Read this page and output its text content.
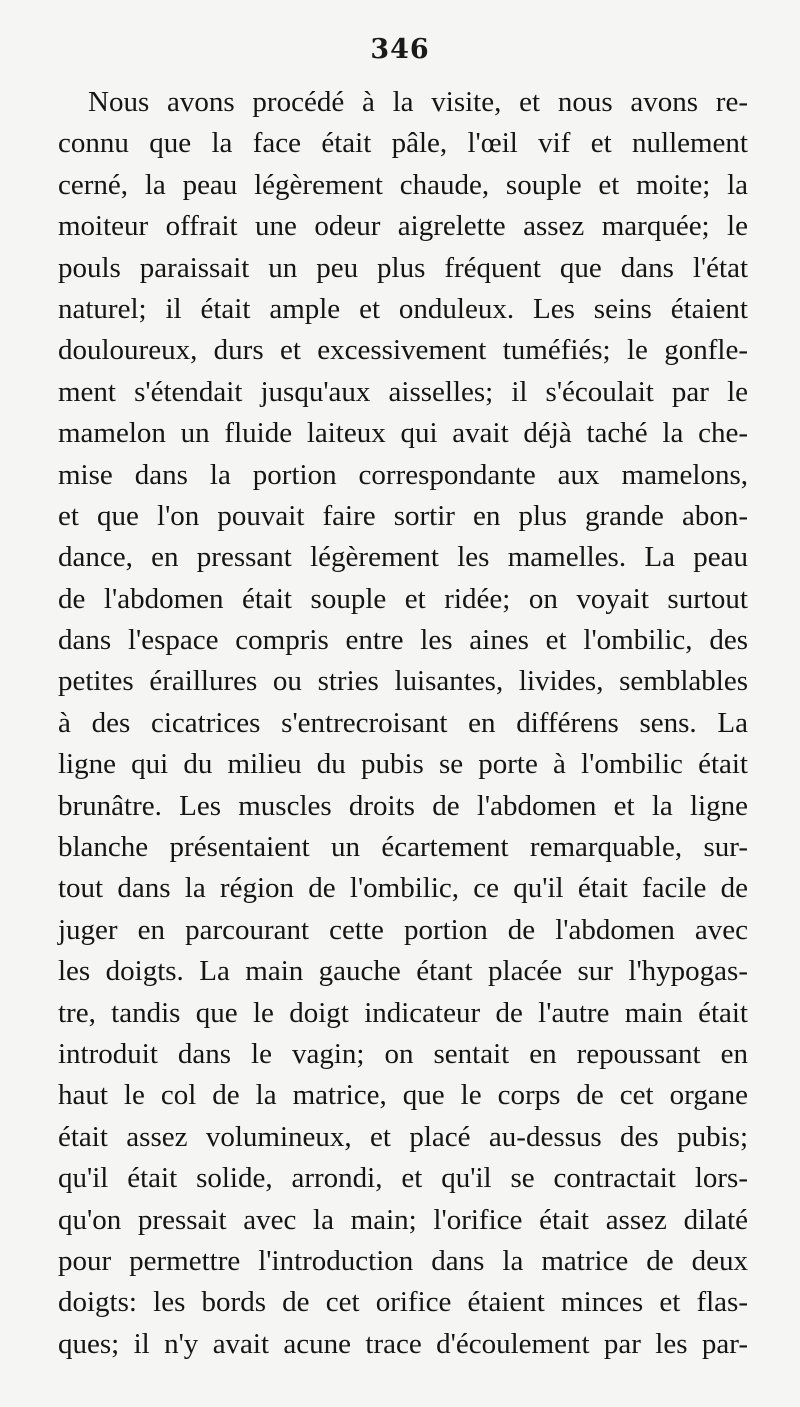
346
Nous avons procédé à la visite, et nous avons re-
connu que la face était pâle, l'œil vif et nullement
cerné, la peau légèrement chaude, souple et moite; la
moiteur offrait une odeur aigrelette assez marquée; le
pouls paraissait un peu plus fréquent que dans l'état
naturel; il était ample et onduleux. Les seins étaient
douloureux, durs et excessivement tuméfiés; le gonfle-
ment s'étendait jusqu'aux aisselles; il s'écoulait par le
mamelon un fluide laiteux qui avait déjà taché la che-
mise dans la portion correspondante aux mamelons,
et que l'on pouvait faire sortir en plus grande abon-
dance, en pressant légèrement les mamelles. La peau
de l'abdomen était souple et ridée; on voyait surtout
dans l'espace compris entre les aines et l'ombilic, des
petites éraillures ou stries luisantes, livides, semblables
à des cicatrices s'entrecroisant en différens sens. La
ligne qui du milieu du pubis se porte à l'ombilic était
brunâtre. Les muscles droits de l'abdomen et la ligne
blanche présentaient un écartement remarquable, sur-
tout dans la région de l'ombilic, ce qu'il était facile de
juger en parcourant cette portion de l'abdomen avec
les doigts. La main gauche étant placée sur l'hypogas-
tre, tandis que le doigt indicateur de l'autre main était
introduit dans le vagin; on sentait en repoussant en
haut le col de la matrice, que le corps de cet organe
était assez volumineux, et placé au-dessus des pubis;
qu'il était solide, arrondi, et qu'il se contractait lors-
qu'on pressait avec la main; l'orifice était assez dilaté
pour permettre l'introduction dans la matrice de deux
doigts: les bords de cet orifice étaient minces et flas-
ques; il n'y avait acune trace d'écoulement par les par-
